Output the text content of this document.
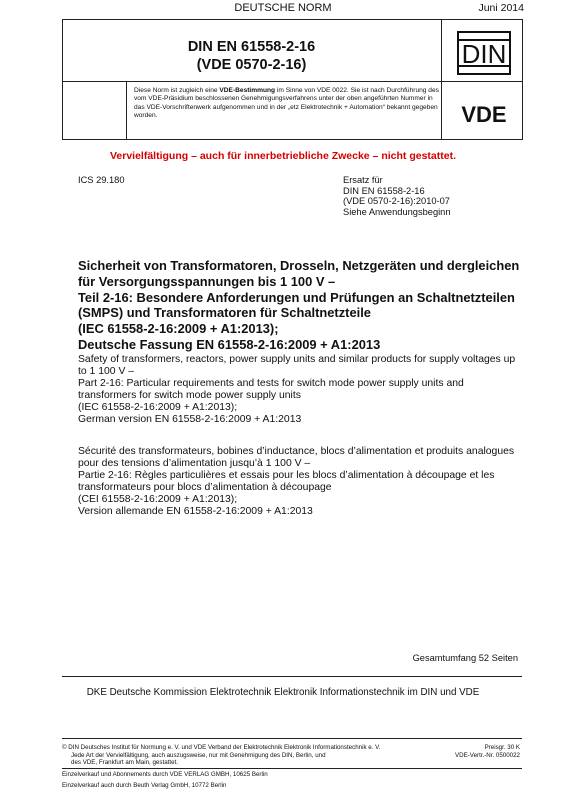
DEUTSCHE NORM	Juni 2014
DIN EN 61558-2-16
(VDE 0570-2-16)	DIN
Diese Norm ist zugleich eine VDE-Bestimmung im Sinne von VDE 0022. Sie ist nach Durchführung des vom VDE-Präsidium beschlossenen Genehmigungsverfahrens unter der oben angeführten Nummer in das VDE-Vorschriftenwerk aufgenommen und in der „etz Elektrotechnik + Automation“ bekannt gegeben worden.	VDE
Vervielfältigung – auch für innerbetriebliche Zwecke – nicht gestattet.
ICS 29.180	Ersatz für
DIN EN 61558-2-16
(VDE 0570-2-16):2010-07
Siehe Anwendungsbeginn
Sicherheit von Transformatoren, Drosseln, Netzgeräten und dergleichen
für Versorgungsspannungen bis 1 100 V –
Teil 2-16: Besondere Anforderungen und Prüfungen an Schaltnetzteilen
(SMPS) und Transformatoren für Schaltnetzteile
(IEC 61558-2-16:2009 + A1:2013);
Deutsche Fassung EN 61558-2-16:2009 + A1:2013
Safety of transformers, reactors, power supply units and similar products for supply voltages up
to 1 100 V –
Part 2-16: Particular requirements and tests for switch mode power supply units and
transformers for switch mode power supply units
(IEC 61558-2-16:2009 + A1:2013);
German version EN 61558-2-16:2009 + A1:2013
Sécurité des transformateurs, bobines d’inductance, blocs d’alimentation et produits analogues
pour des tensions d’alimentation jusqu’à 1 100 V –
Partie 2-16: Règles particulières et essais pour les blocs d’alimentation à découpage et les
transformateurs pour blocs d’alimentation à découpage
(CEI 61558-2-16:2009 + A1:2013);
Version allemande EN 61558-2-16:2009 + A1:2013
Gesamtumfang 52 Seiten
DKE Deutsche Kommission Elektrotechnik Elektronik Informationstechnik im DIN und VDE
© DIN Deutsches Institut für Normung e. V. und VDE Verband der Elektrotechnik Elektronik Informationstechnik e. V.
Jede Art der Vervielfältigung, auch auszugsweise, nur mit Genehmigung des DIN, Berlin, und
des VDE, Frankfurt am Main, gestattet.
Preisgr. 30 K
VDE-Vertr.-Nr. 0500022
Einzelverkauf und Abonnements durch VDE VERLAG GMBH, 10625 Berlin
Einzelverkauf auch durch Beuth Verlag GmbH, 10772 Berlin
